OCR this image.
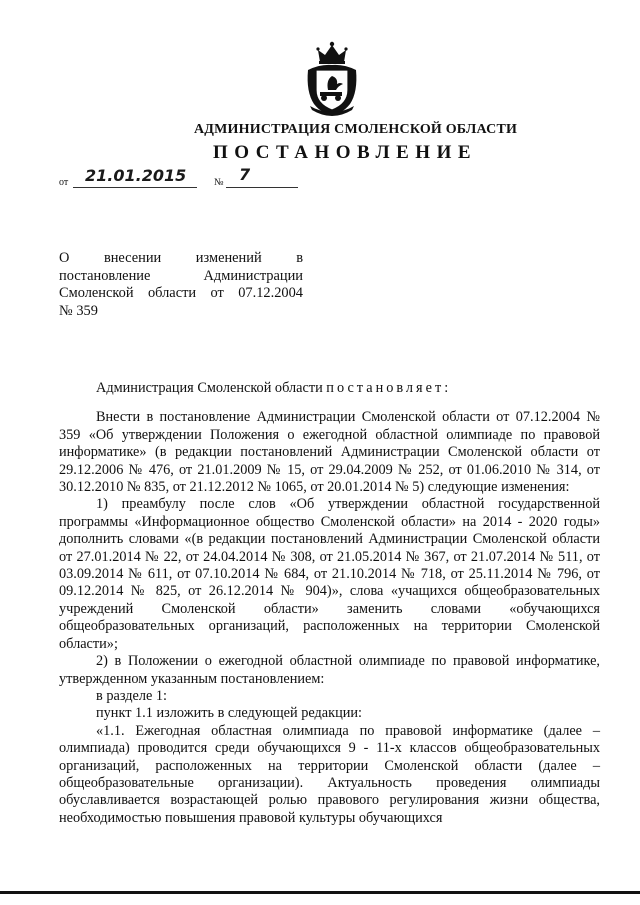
АДМИНИСТРАЦИЯ СМОЛЕНСКОЙ ОБЛАСТИ
ПОСТАНОВЛЕНИЕ
от 21.01.2015	№ 7
О внесении изменений в
постановление Администрации
Смоленской области от 07.12.2004
№ 359

Администрация Смоленской области постановляет:

Внести в постановление Администрации Смоленской области от 07.12.2004 № 359 «Об утверждении Положения о ежегодной областной олимпиаде по правовой информатике» (в редакции постановлений Администрации Смоленской области от 29.12.2006 № 476, от 21.01.2009 № 15, от 29.04.2009 № 252, от 01.06.2010 № 314, от 30.12.2010 № 835, от 21.12.2012 № 1065, от 20.01.2014 № 5) следующие изменения:

1) преамбулу после слов «Об утверждении областной государственной программы «Информационное общество Смоленской области» на 2014 - 2020 годы» дополнить словами «(в редакции постановлений Администрации Смоленской области от 27.01.2014 № 22, от 24.04.2014 № 308, от 21.05.2014 № 367, от 21.07.2014 № 511, от 03.09.2014 № 611, от 07.10.2014 № 684, от 21.10.2014 № 718, от 25.11.2014 № 796, от 09.12.2014 № 825, от 26.12.2014 № 904)», слова «учащихся общеобразовательных учреждений Смоленской области» заменить словами «обучающихся общеобразовательных организаций, расположенных на территории Смоленской области»;

2) в Положении о ежегодной областной олимпиаде по правовой информатике, утвержденном указанным постановлением:

в разделе 1:

пункт 1.1 изложить в следующей редакции:

«1.1. Ежегодная областная олимпиада по правовой информатике (далее – олимпиада) проводится среди обучающихся 9 - 11-х классов общеобразовательных организаций, расположенных на территории Смоленской области (далее – общеобразовательные организации). Актуальность проведения олимпиады обуславливается возрастающей ролью правового регулирования жизни общества, необходимостью повышения правовой культуры обучающихся
